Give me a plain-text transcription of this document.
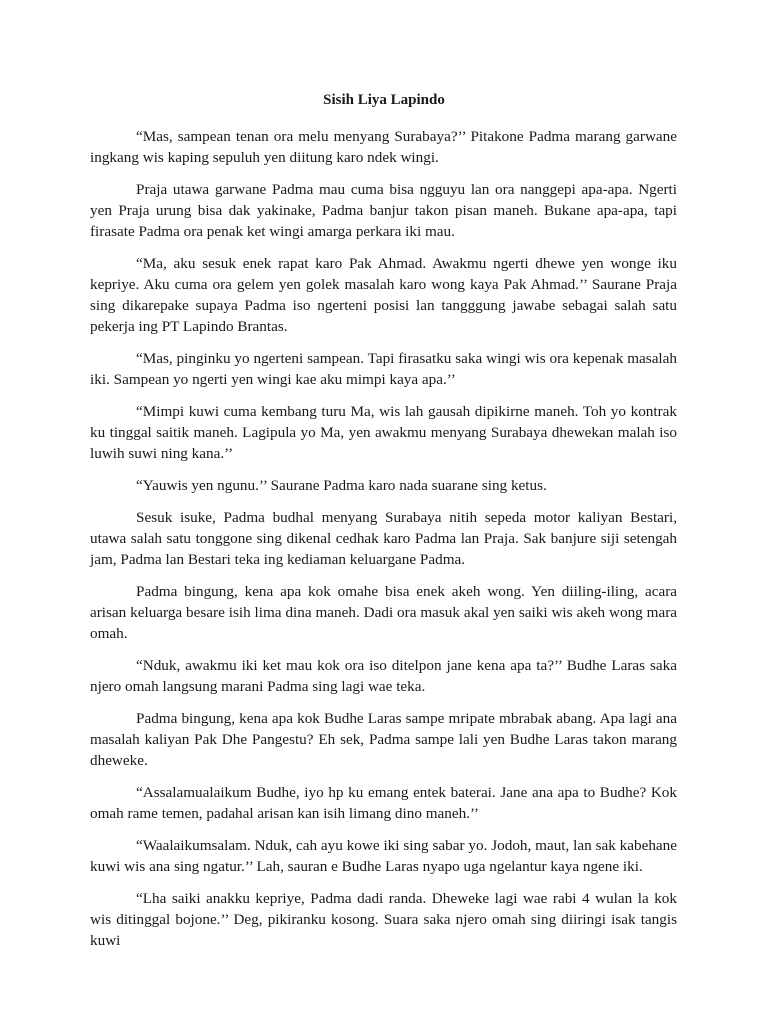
Sisih Liya Lapindo

“Mas, sampean tenan ora melu menyang Surabaya?’’ Pitakone Padma marang garwane ingkang wis kaping sepuluh yen diitung karo ndek wingi.

Praja utawa garwane Padma mau cuma bisa ngguyu lan ora nanggepi apa-apa. Ngerti yen Praja urung bisa dak yakinake, Padma banjur takon pisan maneh. Bukane apa-apa, tapi firasate Padma ora penak ket wingi amarga perkara iki mau.

“Ma, aku sesuk enek rapat karo Pak Ahmad. Awakmu ngerti dhewe yen wonge iku kepriye. Aku cuma ora gelem yen golek masalah karo wong kaya Pak Ahmad.’’ Saurane Praja sing dikarepake supaya Padma iso ngerteni posisi lan tangggung jawabe sebagai salah satu pekerja ing PT Lapindo Brantas.

“Mas, pinginku yo ngerteni sampean. Tapi firasatku saka wingi wis ora kepenak masalah iki. Sampean yo ngerti yen wingi kae aku mimpi kaya apa.’’

“Mimpi kuwi cuma kembang turu Ma, wis lah gausah dipikirne maneh. Toh yo kontrak ku tinggal saitik maneh. Lagipula yo Ma, yen awakmu menyang Surabaya dhewekan malah iso luwih suwi ning kana.’’

“Yauwis yen ngunu.’’ Saurane Padma karo nada suarane sing ketus.

Sesuk isuke, Padma budhal menyang Surabaya nitih sepeda motor kaliyan Bestari, utawa salah satu tonggone sing dikenal cedhak karo Padma lan Praja. Sak banjure siji setengah jam, Padma lan Bestari teka ing kediaman keluargane Padma.

Padma bingung, kena apa kok omahe bisa enek akeh wong. Yen diiling-iling, acara arisan keluarga besare isih lima dina maneh. Dadi ora masuk akal yen saiki wis akeh wong mara omah.

“Nduk, awakmu iki ket mau kok ora iso ditelpon jane kena apa ta?’’ Budhe Laras saka njero omah langsung marani Padma sing lagi wae teka.

Padma bingung, kena apa kok Budhe Laras sampe mripate mbrabak abang. Apa lagi ana masalah kaliyan Pak Dhe Pangestu? Eh sek, Padma sampe lali yen Budhe Laras takon marang dheweke.

“Assalamualaikum Budhe, iyo hp ku emang entek baterai. Jane ana apa to Budhe? Kok omah rame temen, padahal arisan kan isih limang dino maneh.’’

“Waalaikumsalam. Nduk, cah ayu kowe iki sing sabar yo. Jodoh, maut, lan sak kabehane kuwi wis ana sing ngatur.’’ Lah, sauran e Budhe Laras nyapo uga ngelantur kaya ngene iki.

“Lha saiki anakku kepriye, Padma dadi randa. Dheweke lagi wae rabi 4 wulan la kok wis ditinggal bojone.’’ Deg, pikiranku kosong. Suara saka njero omah sing diiringi isak tangis kuwi
